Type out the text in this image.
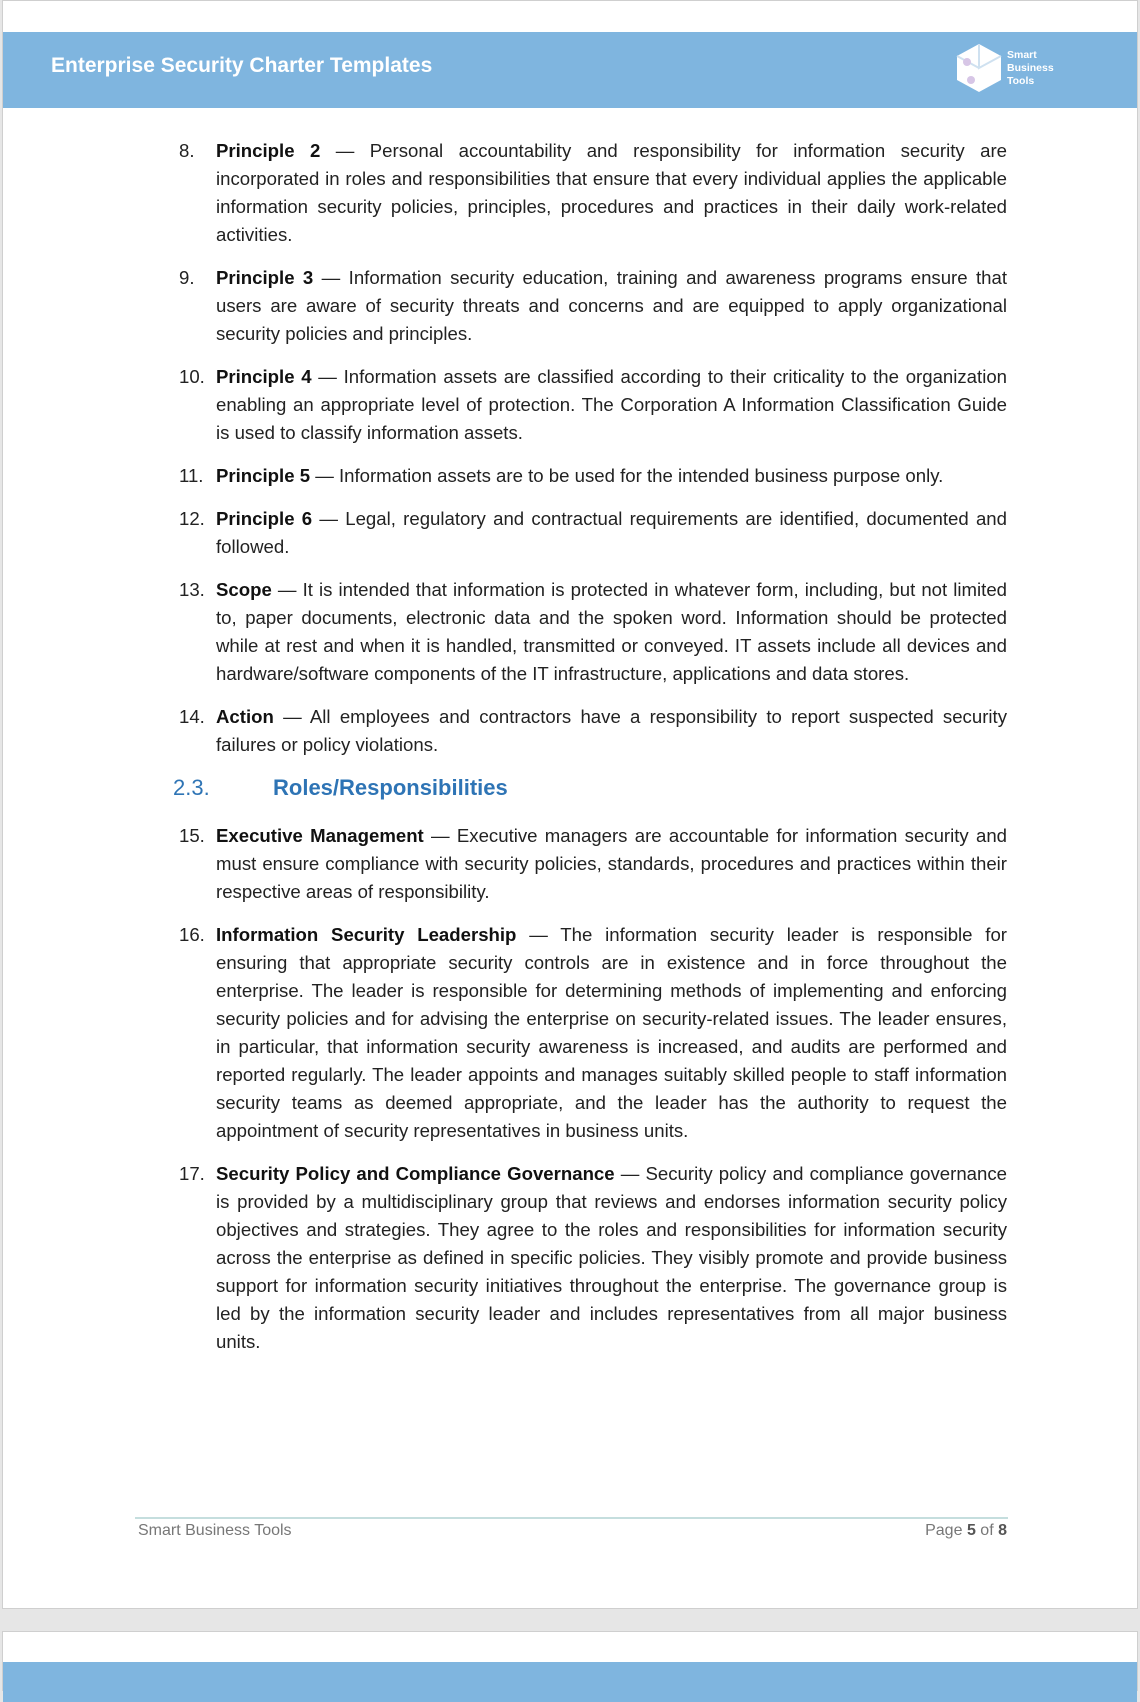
Enterprise Security Charter Templates	Smart
Business
Tools
8.	Principle 2 — Personal accountability and responsibility for information security are incorporated in roles and responsibilities that ensure that every individual applies the applicable information security policies, principles, procedures and practices in their daily work-related activities.
9.	Principle 3 — Information security education, training and awareness programs ensure that users are aware of security threats and concerns and are equipped to apply organizational security policies and principles.
10. Principle 4 — Information assets are classified according to their criticality to the organization enabling an appropriate level of protection. The Corporation A Information Classification Guide is used to classify information assets.
11. Principle 5 — Information assets are to be used for the intended business purpose only.
12. Principle 6 — Legal, regulatory and contractual requirements are identified, documented and followed.
13. Scope — It is intended that information is protected in whatever form, including, but not limited to, paper documents, electronic data and the spoken word. Information should be protected while at rest and when it is handled, transmitted or conveyed. IT assets include all devices and hardware/software components of the IT infrastructure, applications and data stores.
14. Action — All employees and contractors have a responsibility to report suspected security failures or policy violations.
2.3.	Roles/Responsibilities
15. Executive Management — Executive managers are accountable for information security and must ensure compliance with security policies, standards, procedures and practices within their respective areas of responsibility.
16. Information Security Leadership — The information security leader is responsible for ensuring that appropriate security controls are in existence and in force throughout the enterprise. The leader is responsible for determining methods of implementing and enforcing security policies and for advising the enterprise on security-related issues. The leader ensures, in particular, that information security awareness is increased, and audits are performed and reported regularly. The leader appoints and manages suitably skilled people to staff information security teams as deemed appropriate, and the leader has the authority to request the appointment of security representatives in business units.
17. Security Policy and Compliance Governance — Security policy and compliance governance is provided by a multidisciplinary group that reviews and endorses information security policy objectives and strategies. They agree to the roles and responsibilities for information security across the enterprise as defined in specific policies. They visibly promote and provide business support for information security initiatives throughout the enterprise. The governance group is led by the information security leader and includes representatives from all major business units.
Smart Business Tools	Page 5 of 8
